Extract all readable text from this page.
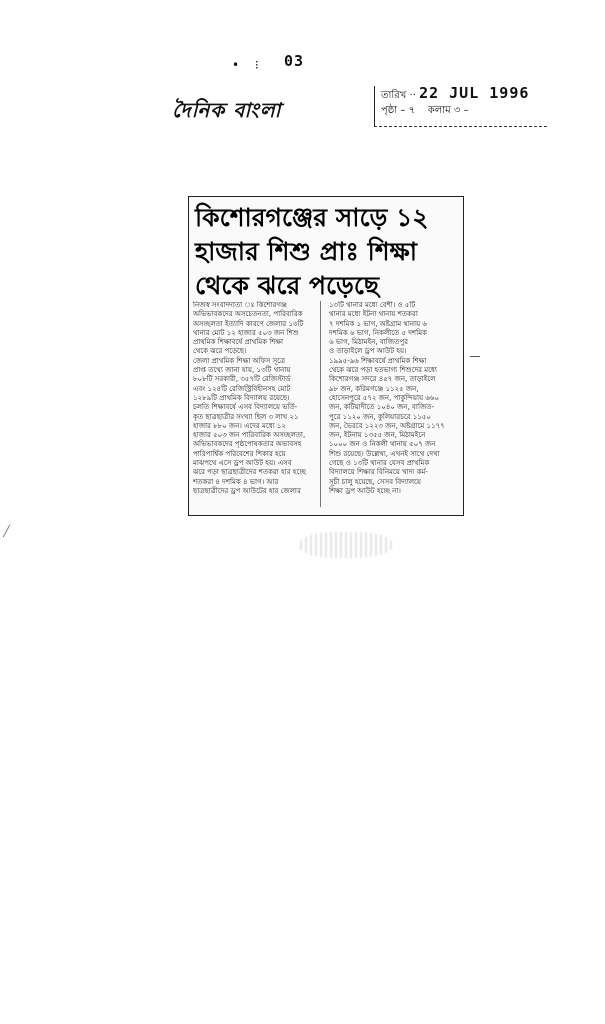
• ⁝ 03
দৈনিক বাংলা
তারিখ ·· 22 JUL 1996
পৃষ্ঠা – ৭ কলাম ৩ –
কিশোরগঞ্জের সাড়ে ১২
হাজার শিশু প্রাঃ শিক্ষা
থেকে ঝরে পড়েছে
নিজস্ব সংবাদদাতা ঃ কিশোরগঞ্জ
অভিভাবকদের অসচেতনতা, পারিবারিক
অসচ্ছলতা ইত্যাদি কারণে জেলার ১৩টি
থানার মোট ১২ হাজার ৫০৩ জন শিশু
প্রাথমিক শিক্ষাবর্ষে প্রাথমিক শিক্ষা
থেকে ঝরে পড়েছে।
জেলা প্রাথমিক শিক্ষা অফিস সূত্রে
প্রাপ্ত তথ্যে জানা যায়, ১৩টি থানায়
৮০৮টি সরকারী, ৩৫৭টি রেজিস্টার্ড
এবং ১২৪টি রেজিস্ট্রিবিহীনসহ মোট
১২৮৯টি প্রাথমিক বিদ্যালয় রয়েছে।
চলতি শিক্ষাবর্ষে এসব বিদ্যালয়ে ভর্তি-
কৃত ছাত্রছাত্রীর সংখ্যা ছিল ৩ লাখ ২১
হাজার ৮৮০ জন। এদের মধ্যে ১২
হাজার ৫০৩ জন পারিবারিক অসচ্ছলতা,
অভিভাবকদের পৃষ্ঠপোষকতার অভাবসহ
পারিপার্শ্বিক পরিবেশের শিকার হয়ে
মাঝপথে এসে ড্রপ আউট হয়। এসব
ঝরে পড়া ছাত্রছাত্রীদের শতকরা হার হচ্ছে
শতকরা ৪ দশমিক ৪ ভাগ। আর
ছাত্রছাত্রীদের ড্রপ আউটের হার জেলার
১৩টি থানার মধ্যে বেশী। ও ৫টি
থানার মধ্যে ইটনা থানায় শতকরা
৭ দশমিক ১ ভাগ, অষ্টগ্রাম থানায় ৬
দশমিক ৬ ভাগ, নিকলীতে ৫ দশমিক
৬ ভাগ, মিঠামইন, বাজিতপুর
ও তাড়াইলে ড্রপ আউট হয়।
১৯৯৫-৯৬ শিক্ষাবর্ষে প্রাথমিক শিক্ষা
থেকে ঝরে পড়া হতভাগ্য শিশুদের মধ্যে
কিশোরগঞ্জ সদরে ৪৫৭ জন, তাড়াইলে
৯৮ জন, করিমগঞ্জে ১১২৫ জন,
হোসেনপুরে ৫৭২ জন, পাকুন্দিয়ায় ৬৬০
জন, কটিয়াদীতে ১০৪০ জন, বাজিত-
পুরে ১১২০ জন, কুলিয়ারচরে ১১৫০
জন, ভৈরবে ১২২৩ জন, অষ্টগ্রামে ১১৭৭
জন, ইটনায় ১৩৫৫ জন, মিঠামইনে
১০০০ জন ও নিকলী থানায় ৫০৭ জন
শিশু রয়েছে। উল্লেখ্য, এখনই সাথে দেখা
গেছে ও ১৩টি থানার যেসব প্রাথমিক
বিদ্যালয়ে শিক্ষার বিনিময়ে খাদ্য কর্ম-
সূচী চালু হয়েছে, সেসব বিদ্যালয়ে
শিক্ষা ড্রপ আউট হচ্ছে না।
